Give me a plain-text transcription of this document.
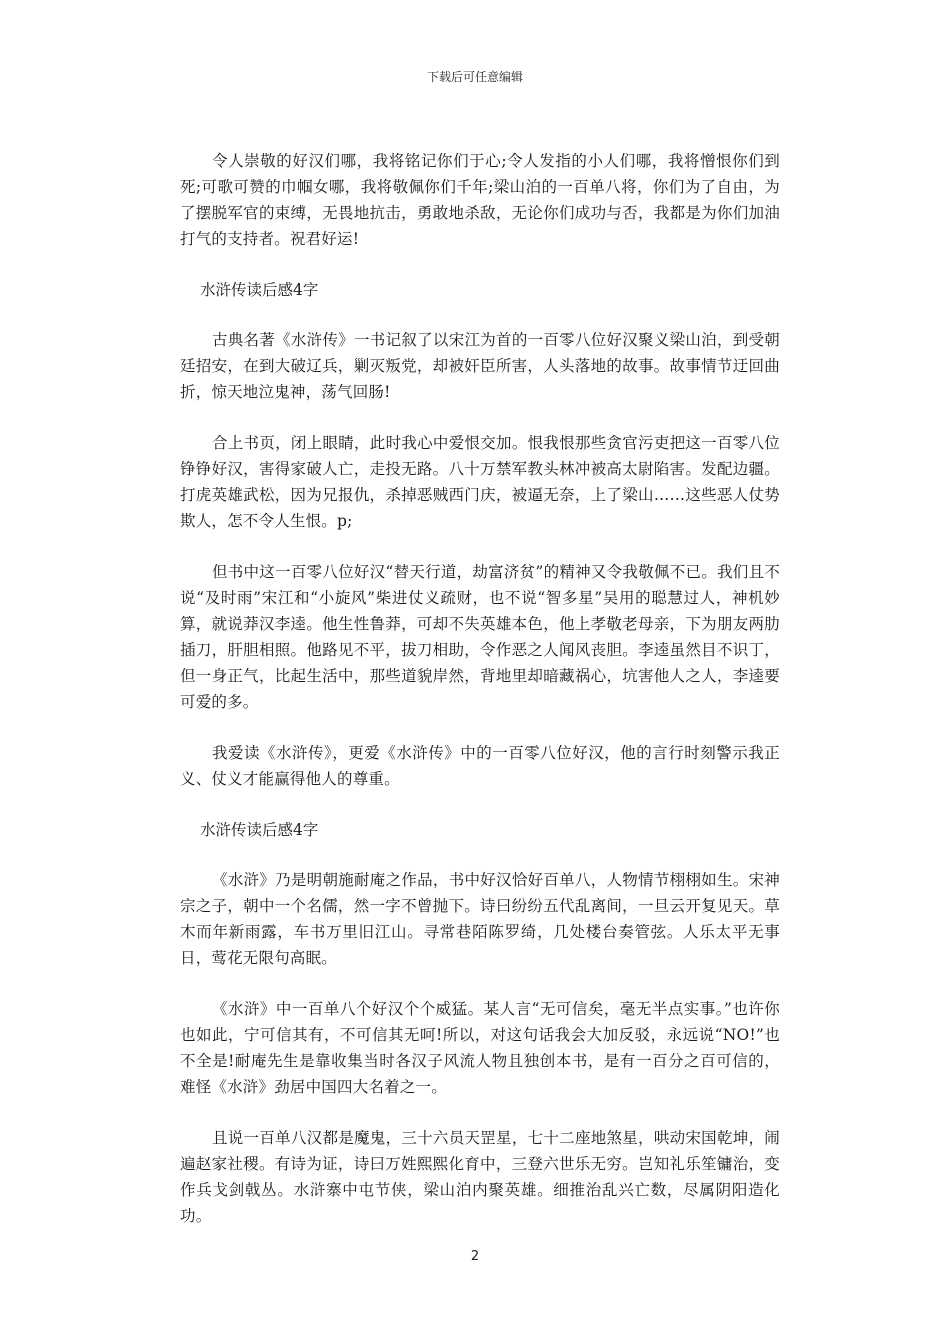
下载后可任意编辑

令人崇敬的好汉们哪，我将铭记你们于心;令人发指的小人们哪，我将憎恨你们到死;可歌可赞的巾帼女哪，我将敬佩你们千年;梁山泊的一百单八将，你们为了自由，为了摆脱军官的束缚，无畏地抗击，勇敢地杀敌，无论你们成功与否，我都是为你们加油打气的支持者。祝君好运!

水浒传读后感4字

古典名著《水浒传》一书记叙了以宋江为首的一百零八位好汉聚义梁山泊，到受朝廷招安，在到大破辽兵，剿灭叛党，却被奸臣所害，人头落地的故事。故事情节迂回曲折，惊天地泣鬼神，荡气回肠!

合上书页，闭上眼睛，此时我心中爱恨交加。恨我恨那些贪官污吏把这一百零八位铮铮好汉，害得家破人亡，走投无路。八十万禁军教头林冲被高太尉陷害。发配边疆。打虎英雄武松，因为兄报仇，杀掉恶贼西门庆，被逼无奈，上了梁山……这些恶人仗势欺人，怎不令人生恨。p;

但书中这一百零八位好汉“替天行道，劫富济贫”的精神又令我敬佩不已。我们且不说“及时雨”宋江和“小旋风”柴进仗义疏财，也不说“智多星”吴用的聪慧过人，神机妙算，就说莽汉李逵。他生性鲁莽，可却不失英雄本色，他上孝敬老母亲，下为朋友两肋插刀，肝胆相照。他路见不平，拔刀相助，令作恶之人闻风丧胆。李逵虽然目不识丁，但一身正气，比起生活中，那些道貌岸然，背地里却暗藏祸心，坑害他人之人，李逵要可爱的多。

我爱读《水浒传》，更爱《水浒传》中的一百零八位好汉，他的言行时刻警示我正义、仗义才能赢得他人的尊重。

水浒传读后感4字

《水浒》乃是明朝施耐庵之作品，书中好汉恰好百单八，人物情节栩栩如生。宋神宗之子，朝中一个名儒，然一字不曾抛下。诗曰纷纷五代乱离间，一旦云开复见天。草木而年新雨露，车书万里旧江山。寻常巷陌陈罗绮，几处楼台奏管弦。人乐太平无事日，莺花无限句高眠。

《水浒》中一百单八个好汉个个威猛。某人言“无可信矣，毫无半点实事。”也许你也如此，宁可信其有，不可信其无呵!所以，对这句话我会大加反驳，永远说“NO!”也不全是!耐庵先生是靠收集当时各汉子风流人物且独创本书，是有一百分之百可信的，难怪《水浒》劲居中国四大名着之一。

且说一百单八汉都是魔鬼，三十六员天罡星，七十二座地煞星，哄动宋国乾坤，闹遍赵家社稷。有诗为证，诗曰万姓熙熙化育中，三登六世乐无穷。岂知礼乐笙镛治，变作兵戈剑戟丛。水浒寨中屯节侠，梁山泊内聚英雄。细推治乱兴亡数，尽属阴阳造化功。

2
